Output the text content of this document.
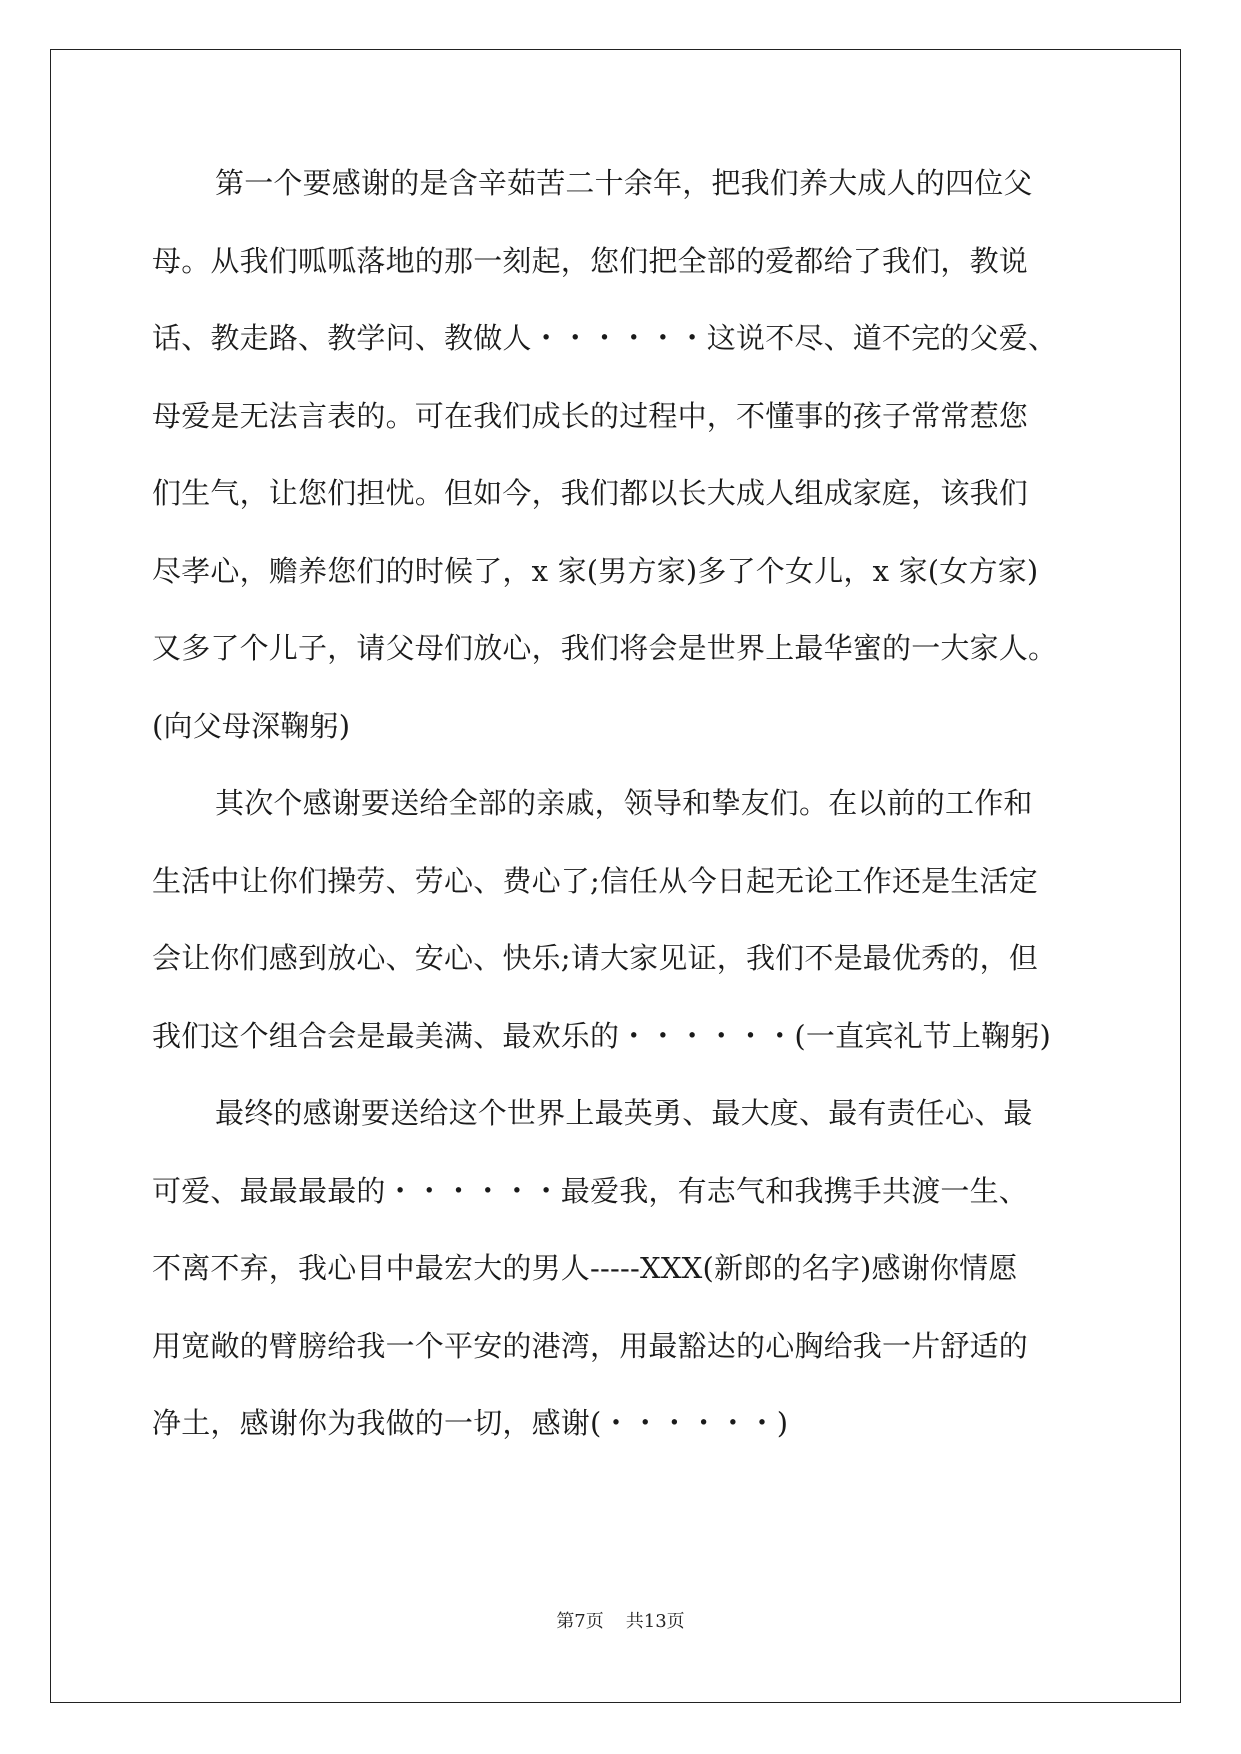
第一个要感谢的是含辛茹苦二十余年，把我们养大成人的四位父
母。从我们呱呱落地的那一刻起，您们把全部的爱都给了我们，教说
话、教走路、教学问、教做人・・・・・・这说不尽、道不完的父爱、
母爱是无法言表的。可在我们成长的过程中，不懂事的孩子常常惹您
们生气，让您们担忧。但如今，我们都以长大成人组成家庭，该我们
尽孝心，赡养您们的时候了，x 家(男方家)多了个女儿，x 家(女方家)
又多了个儿子，请父母们放心，我们将会是世界上最华蜜的一大家人。
(向父母深鞠躬)
其次个感谢要送给全部的亲戚，领导和挚友们。在以前的工作和
生活中让你们操劳、劳心、费心了;信任从今日起无论工作还是生活定
会让你们感到放心、安心、快乐;请大家见证，我们不是最优秀的，但
我们这个组合会是最美满、最欢乐的・・・・・・(一直宾礼节上鞠躬)
最终的感谢要送给这个世界上最英勇、最大度、最有责任心、最
可爱、最最最最的・・・・・・最爱我，有志气和我携手共渡一生、
不离不弃，我心目中最宏大的男人-----XXX(新郎的名字)感谢你情愿
用宽敞的臂膀给我一个平安的港湾，用最豁达的心胸给我一片舒适的
净土，感谢你为我做的一切，感谢(・・・・・・)
第7页 共13页
